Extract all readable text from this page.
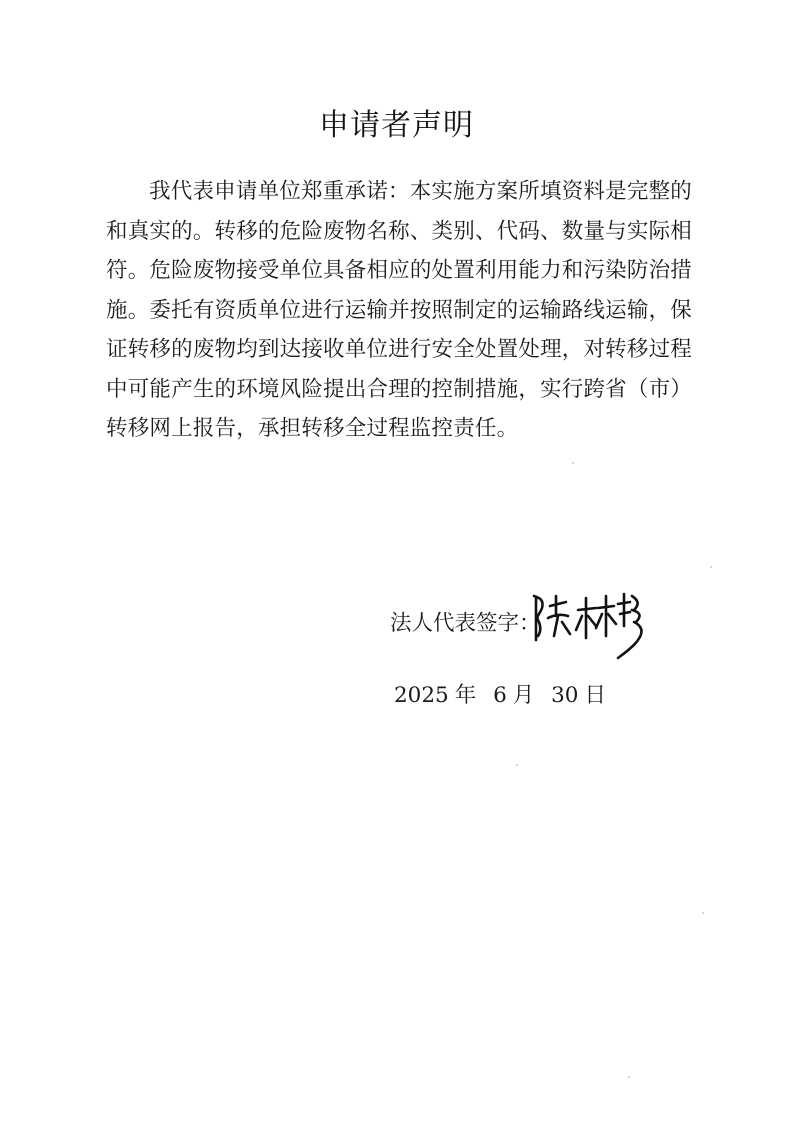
申请者声明
我代表申请单位郑重承诺：本实施方案所填资料是完整的和真实的。转移的危险废物名称、类别、代码、数量与实际相符。危险废物接受单位具备相应的处置利用能力和污染防治措施。委托有资质单位进行运输并按照制定的运输路线运输，保证转移的废物均到达接收单位进行安全处置处理，对转移过程中可能产生的环境风险提出合理的控制措施，实行跨省（市）转移网上报告，承担转移全过程监控责任。
法人代表签字：
2025 年 6 月 30 日
